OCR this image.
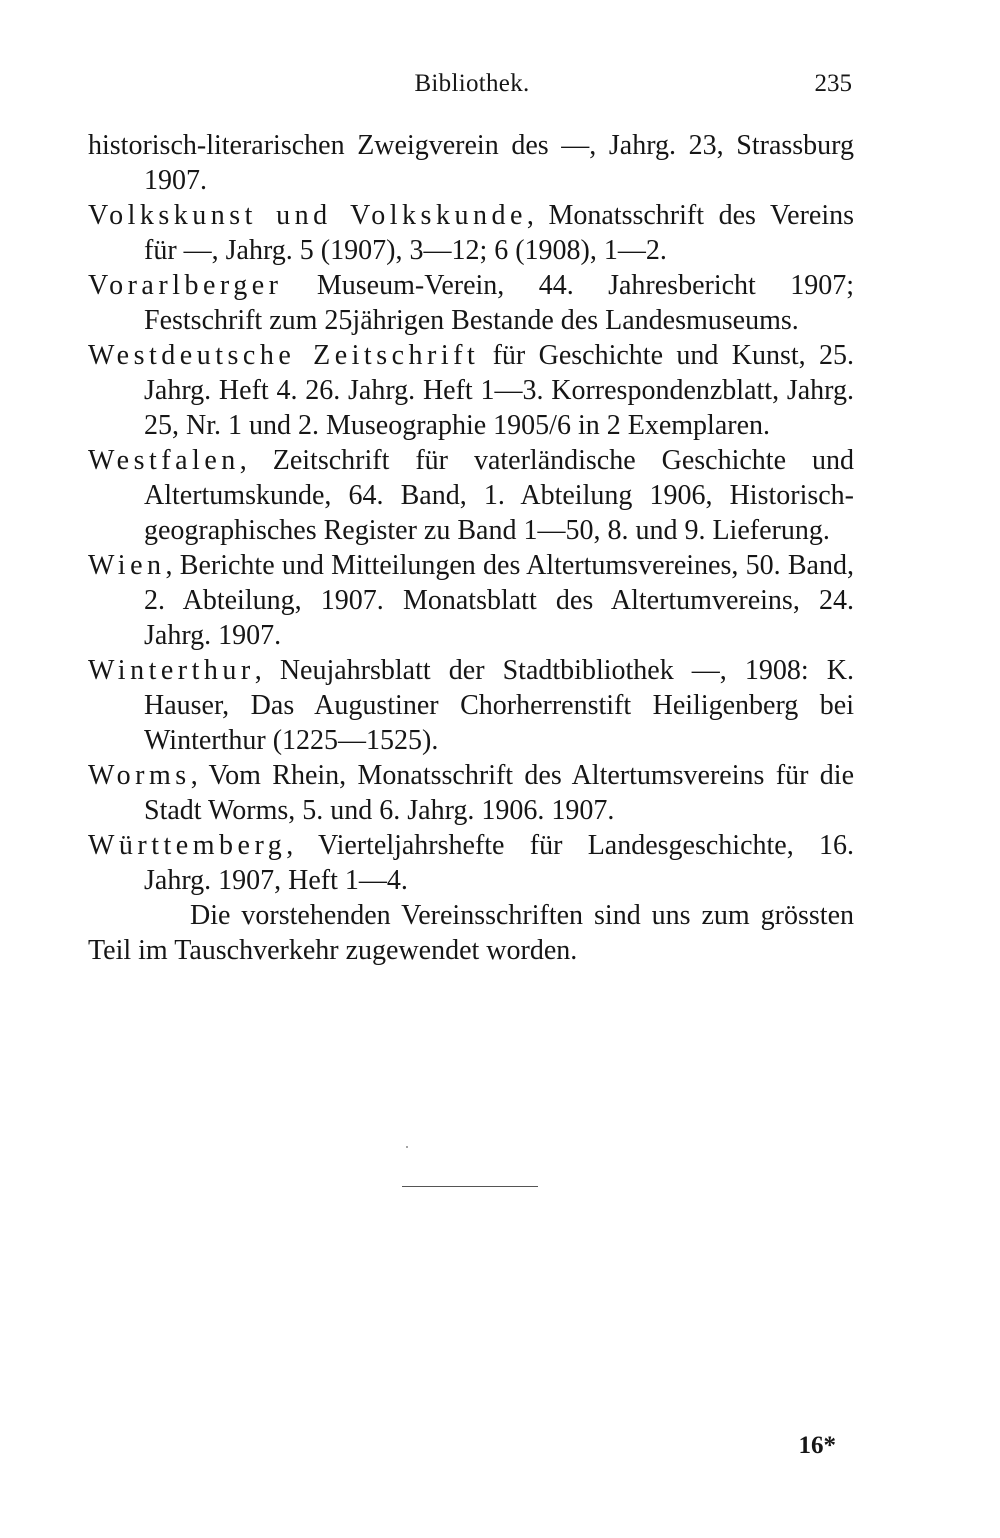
Bibliothek.	235

historisch-literarischen Zweigverein des —, Jahrg. 23, Strassburg 1907.

Volkskunst und Volkskunde, Monatsschrift des Vereins für —, Jahrg. 5 (1907), 3—12; 6 (1908), 1—2.

Vorarlberger Museum-Verein, 44. Jahresbericht 1907; Festschrift zum 25jährigen Bestande des Landesmuseums.

Westdeutsche Zeitschrift für Geschichte und Kunst, 25. Jahrg. Heft 4. 26. Jahrg. Heft 1—3. Korrespondenzblatt, Jahrg. 25, Nr. 1 und 2. Museographie 1905/6 in 2 Exemplaren.

Westfalen, Zeitschrift für vaterländische Geschichte und Altertumskunde, 64. Band, 1. Abteilung 1906, Historisch-geographisches Register zu Band 1—50, 8. und 9. Lieferung.

Wien, Berichte und Mitteilungen des Altertumsvereines, 50. Band, 2. Abteilung, 1907. Monatsblatt des Altertumvereins, 24. Jahrg. 1907.

Winterthur, Neujahrsblatt der Stadtbibliothek —, 1908: K. Hauser, Das Augustiner Chorherrenstift Heiligenberg bei Winterthur (1225—1525).

Worms, Vom Rhein, Monatsschrift des Altertumsvereins für die Stadt Worms, 5. und 6. Jahrg. 1906. 1907.

Württemberg, Vierteljahrshefte für Landesgeschichte, 16. Jahrg. 1907, Heft 1—4.

Die vorstehenden Vereinsschriften sind uns zum grössten Teil im Tauschverkehr zugewendet worden.

16*
